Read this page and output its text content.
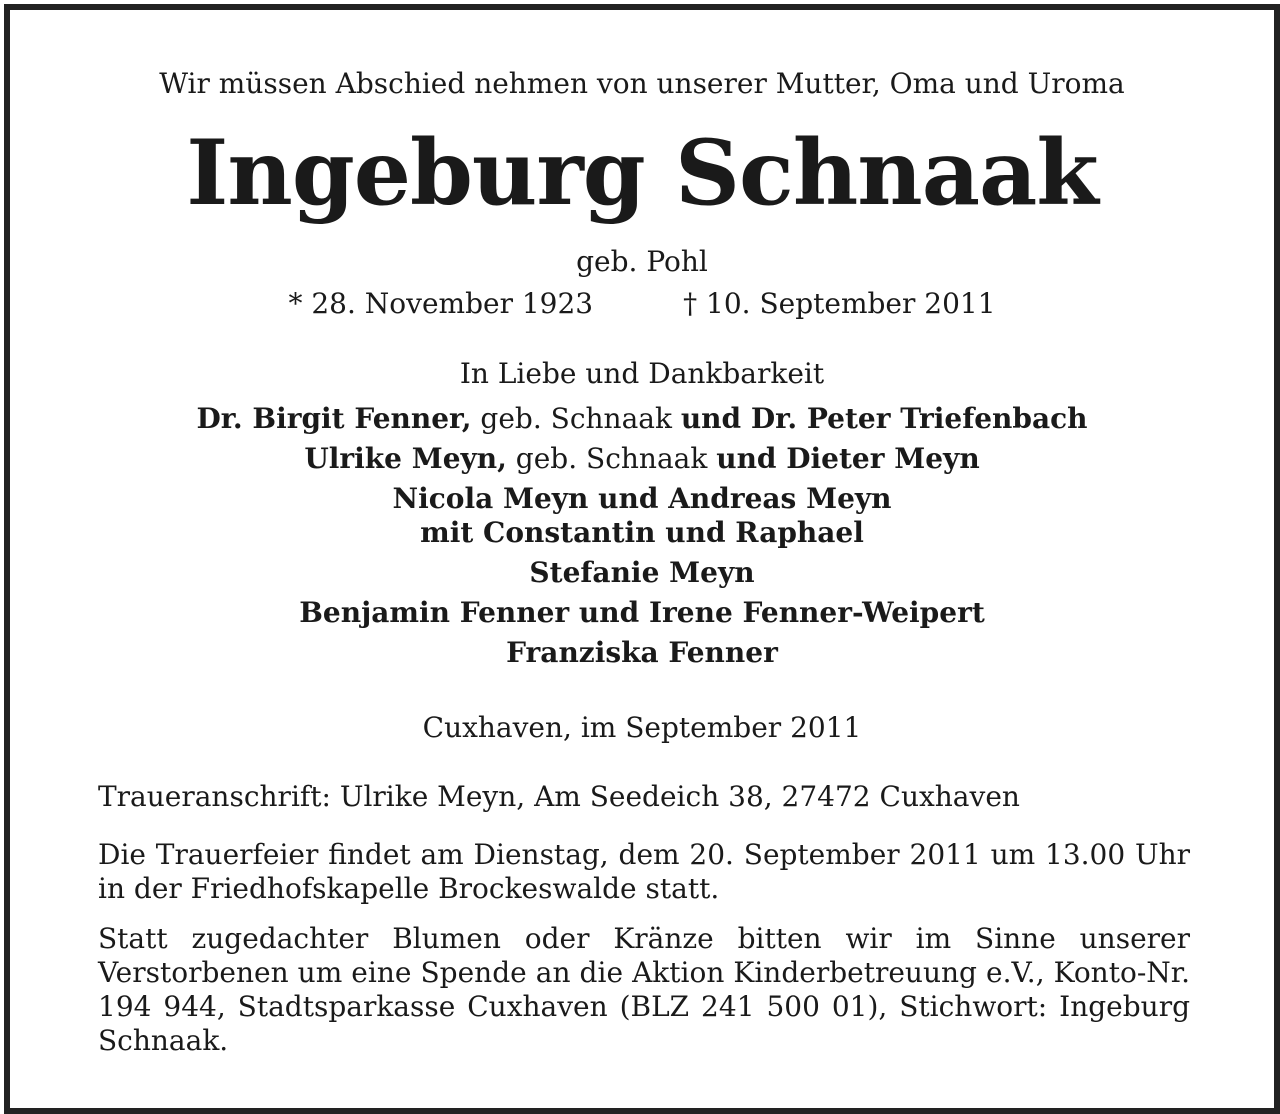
Wir müssen Abschied nehmen von unserer Mutter, Oma und Uroma
Ingeburg Schnaak
geb. Pohl
* 28. November 1923	† 10. September 2011
In Liebe und Dankbarkeit
Dr. Birgit Fenner, geb. Schnaak und Dr. Peter Triefenbach
Ulrike Meyn, geb. Schnaak und Dieter Meyn
Nicola Meyn und Andreas Meyn
mit Constantin und Raphael
Stefanie Meyn
Benjamin Fenner und Irene Fenner-Weipert
Franziska Fenner
Cuxhaven, im September 2011
Traueranschrift: Ulrike Meyn, Am Seedeich 38, 27472 Cuxhaven
Die Trauerfeier findet am Dienstag, dem 20. September 2011 um 13.00 Uhr in der Friedhofskapelle Brockeswalde statt.
Statt zugedachter Blumen oder Kränze bitten wir im Sinne unserer Verstorbenen um eine Spende an die Aktion Kinderbetreuung e.V., Konto-Nr. 194 944, Stadtsparkasse Cuxhaven (BLZ 241 500 01), Stichwort: Ingeburg Schnaak.
